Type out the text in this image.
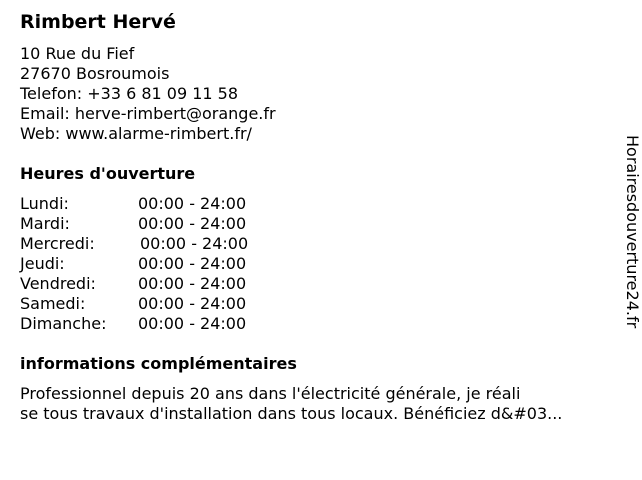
Rimbert Hervé
10 Rue du Fief
27670 Bosroumois
Telefon: +33 6 81 09 11 58
Email: herve-rimbert@orange.fr
Web: www.alarme-rimbert.fr/
Heures d'ouverture
Lundi:	00:00 - 24:00
Mardi:	00:00 - 24:00
Mercredi:	00:00 - 24:00
Jeudi:	00:00 - 24:00
Vendredi:	00:00 - 24:00
Samedi:	00:00 - 24:00
Dimanche: 00:00 - 24:00
informations complémentaires
Professionnel depuis 20 ans dans l'électricité générale, je réali
se tous travaux d'installation dans tous locaux. Bénéficiez d&#03...
Horairesdouverture24.fr
